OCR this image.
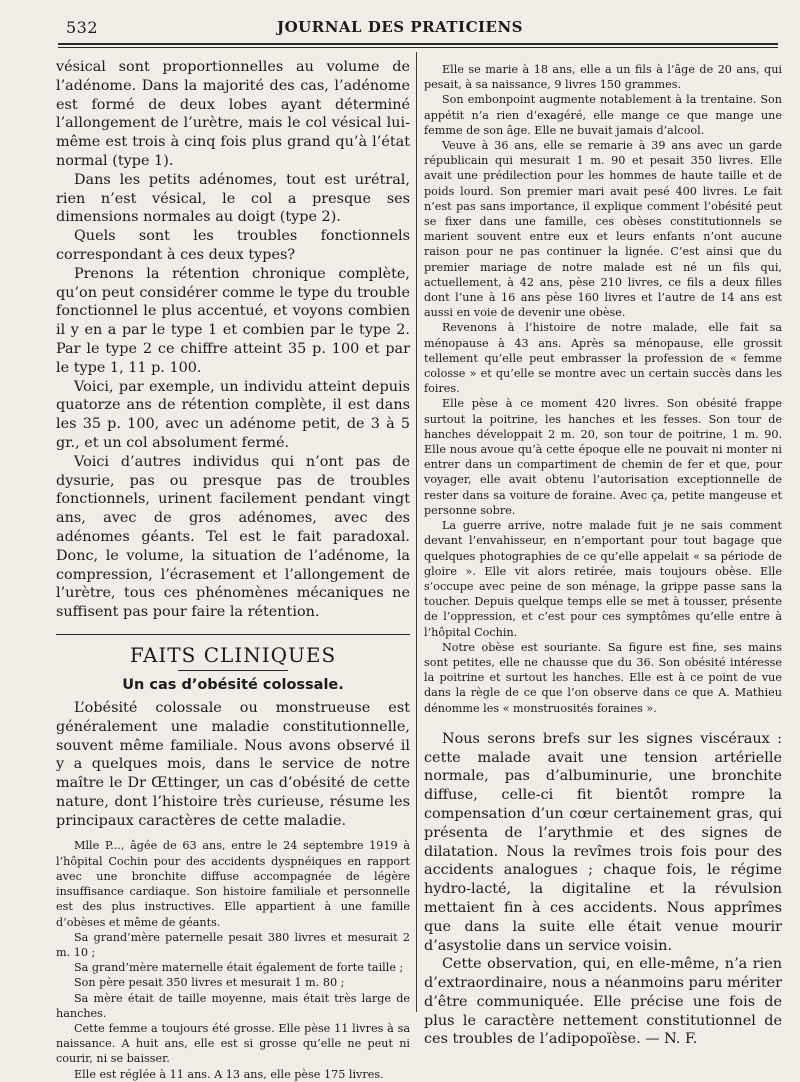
532	JOURNAL DES PRATICIENS

vésical sont proportionnelles au volume de l’adénome. Dans la majorité des cas, l’adénome est formé de deux lobes ayant déterminé l’allongement de l’urètre, mais le col vésical lui-même est trois à cinq fois plus grand qu’à l’état normal (type 1).

Dans les petits adénomes, tout est urétral, rien n’est vésical, le col a presque ses dimensions normales au doigt (type 2).

Quels sont les troubles fonctionnels correspondant à ces deux types?

Prenons la rétention chronique complète, qu’on peut considérer comme le type du trouble fonctionnel le plus accentué, et voyons combien il y en a par le type 1 et combien par le type 2. Par le type 2 ce chiffre atteint 35 p. 100 et par le type 1, 11 p. 100.

Voici, par exemple, un individu atteint depuis quatorze ans de rétention complète, il est dans les 35 p. 100, avec un adénome petit, de 3 à 5 gr., et un col absolument fermé.

Voici d’autres individus qui n’ont pas de dysurie, pas ou presque pas de troubles fonctionnels, urinent facilement pendant vingt ans, avec de gros adénomes, avec des adénomes géants. Tel est le fait paradoxal. Donc, le volume, la situation de l’adénome, la compression, l’écrasement et l’allongement de l’urètre, tous ces phénomènes mécaniques ne suffisent pas pour faire la rétention.

FAITS CLINIQUES
Un cas d’obésité colossale.

L’obésité colossale ou monstrueuse est généralement une maladie constitutionnelle, souvent même familiale. Nous avons observé il y a quelques mois, dans le service de notre maître le Dr Œttinger, un cas d’obésité de cette nature, dont l’histoire très curieuse, résume les principaux caractères de cette maladie.

Mlle P..., âgée de 63 ans, entre le 24 septembre 1919 à l’hôpital Cochin pour des accidents dyspnéiques en rapport avec une bronchite diffuse accompagnée de légère insuffisance cardiaque. Son histoire familiale et personnelle est des plus instructives. Elle appartient à une famille d’obèses et même de géants.

Sa grand’mère paternelle pesait 380 livres et mesurait 2 m. 10 ;

Sa grand’mère maternelle était également de forte taille ;

Son père pesait 350 livres et mesurait 1 m. 80 ;

Sa mère était de taille moyenne, mais était très large de hanches.

Cette femme a toujours été grosse. Elle pèse 11 livres à sa naissance. A huit ans, elle est si grosse qu’elle ne peut ni courir, ni se baisser.

Elle est réglée à 11 ans. A 13 ans, elle pèse 175 livres.

Elle se marie à 18 ans, elle a un fils à l’âge de 20 ans, qui pesait, à sa naissance, 9 livres 150 grammes.

Son embonpoint augmente notablement à la trentaine. Son appétit n’a rien d’exagéré, elle mange ce que mange une femme de son âge. Elle ne buvait jamais d’alcool.

Veuve à 36 ans, elle se remarie à 39 ans avec un garde républicain qui mesurait 1 m. 90 et pesait 350 livres. Elle avait une prédilection pour les hommes de haute taille et de poids lourd. Son premier mari avait pesé 400 livres. Le fait n’est pas sans importance, il explique comment l’obésité peut se fixer dans une famille, ces obèses constitutionnels se marient souvent entre eux et leurs enfants n’ont aucune raison pour ne pas continuer la lignée. C’est ainsi que du premier mariage de notre malade est né un fils qui, actuellement, à 42 ans, pèse 210 livres, ce fils a deux filles dont l’une à 16 ans pèse 160 livres et l’autre de 14 ans est aussi en voie de devenir une obèse.

Revenons à l’histoire de notre malade, elle fait sa ménopause à 43 ans. Après sa ménopause, elle grossit tellement qu’elle peut embrasser la profession de « femme colosse » et qu’elle se montre avec un certain succès dans les foires.

Elle pèse à ce moment 420 livres. Son obésité frappe surtout la poitrine, les hanches et les fesses. Son tour de hanches développait 2 m. 20, son tour de poitrine, 1 m. 90. Elle nous avoue qu’à cette époque elle ne pouvait ni monter ni entrer dans un compartiment de chemin de fer et que, pour voyager, elle avait obtenu l’autorisation exceptionnelle de rester dans sa voiture de foraine. Avec ça, petite mangeuse et personne sobre.

La guerre arrive, notre malade fuit je ne sais comment devant l’envahisseur, en n’emportant pour tout bagage que quelques photographies de ce qu’elle appelait « sa période de gloire ». Elle vit alors retirée, mais toujours obèse. Elle s’occupe avec peine de son ménage, la grippe passe sans la toucher. Depuis quelque temps elle se met à tousser, présente de l’oppression, et c’est pour ces symptômes qu’elle entre à l’hôpital Cochin.

Notre obèse est souriante. Sa figure est fine, ses mains sont petites, elle ne chausse que du 36. Son obésité intéresse la poitrine et surtout les hanches. Elle est à ce point de vue dans la règle de ce que l’on observe dans ce que A. Mathieu dénomme les « monstruosités foraines ».

Nous serons brefs sur les signes viscéraux : cette malade avait une tension artérielle normale, pas d’albuminurie, une bronchite diffuse, celle-ci fit bientôt rompre la compensation d’un cœur certainement gras, qui présenta de l’arythmie et des signes de dilatation. Nous la revîmes trois fois pour des accidents analogues ; chaque fois, le régime hydro-lacté, la digitaline et la révulsion mettaient fin à ces accidents. Nous apprîmes que dans la suite elle était venue mourir d’asystolie dans un service voisin.

Cette observation, qui, en elle-même, n’a rien d’extraordinaire, nous a néanmoins paru mériter d’être communiquée. Elle précise une fois de plus le caractère nettement constitutionnel de ces troubles de l’adipopoïèse. — N. F.
